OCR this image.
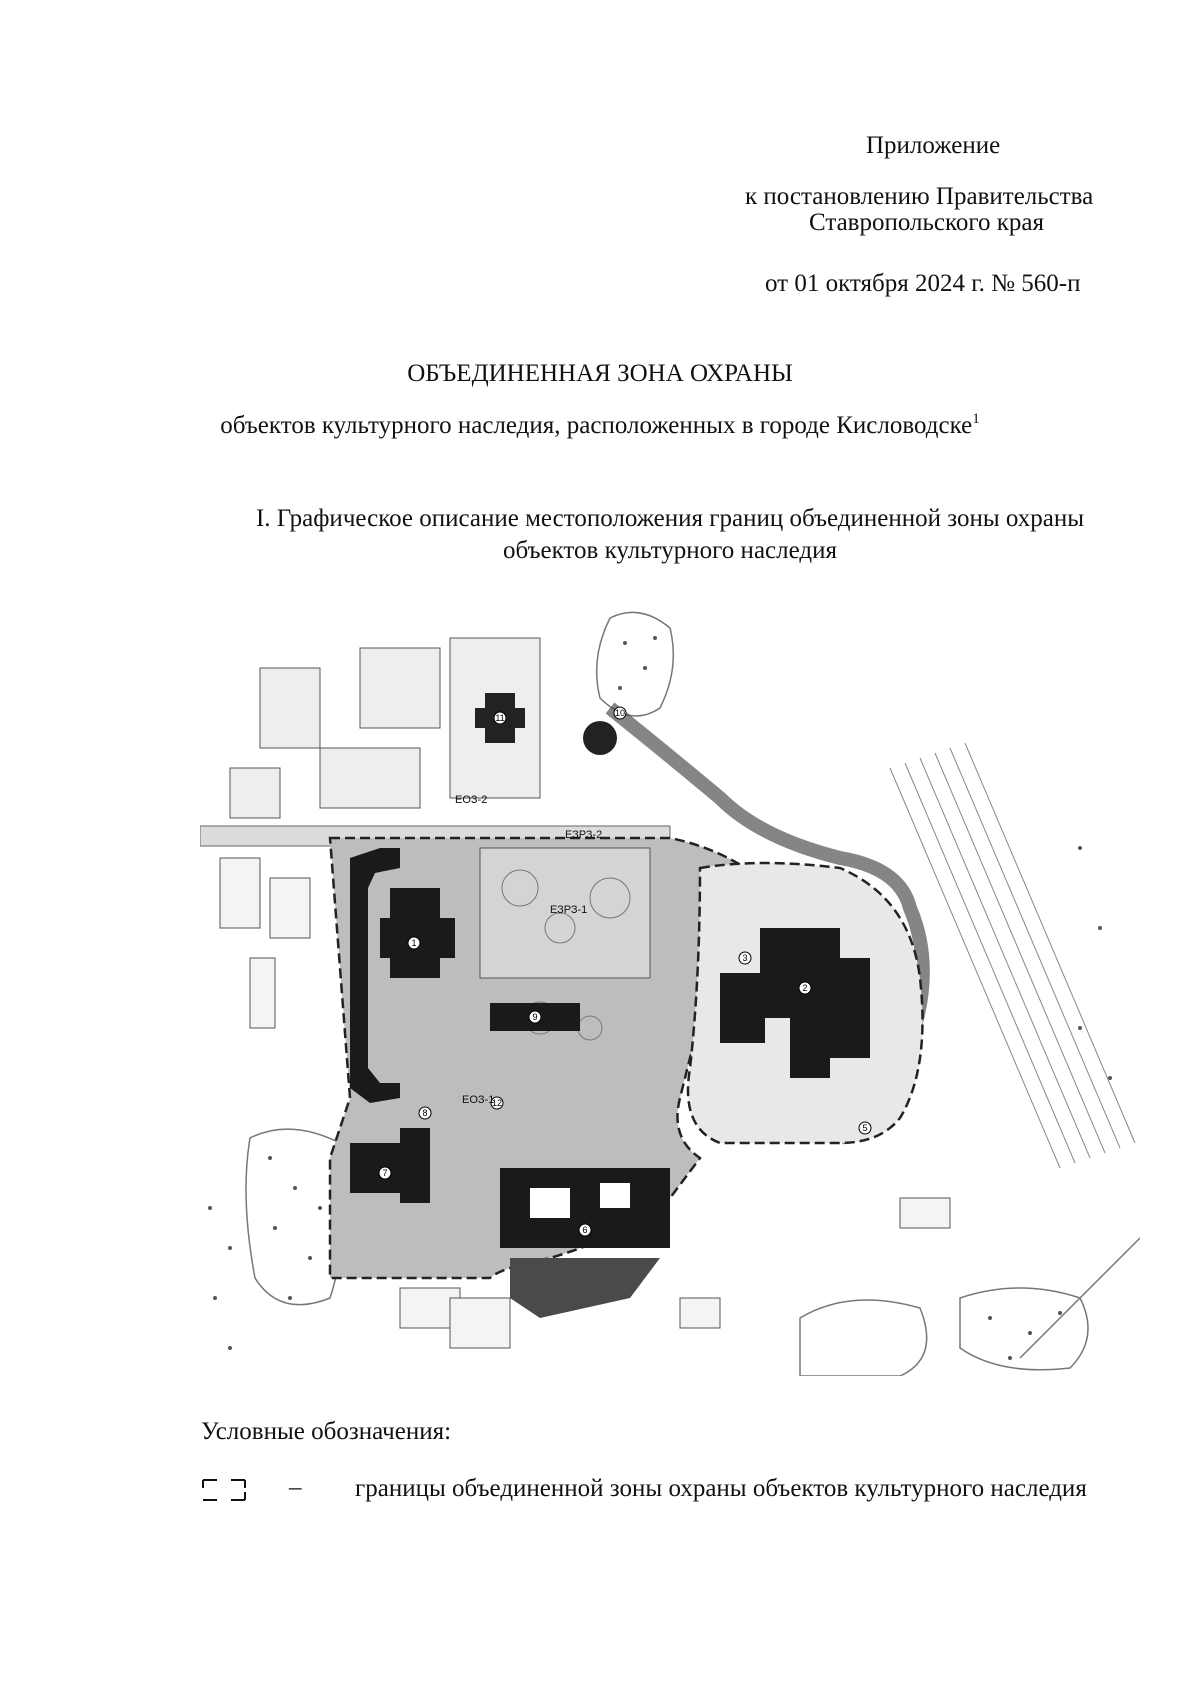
Приложение
к постановлению Правительства
Ставропольского края
от 01 октября 2024 г. № 560-п
ОБЪЕДИНЕННАЯ ЗОНА ОХРАНЫ
объектов культурного наследия, расположенных в городе Кисловодске$^1$
I. Графическое описание местоположения границ объединенной зоны охраны
объектов культурного наследия
1
2
3
5
6
7
8
9
10
11
12
ЕОЗ-2
ЕЗРЗ-2
ЕЗРЗ-1
ЕОЗ-1
Условные обозначения:
– границы объединенной зоны охраны объектов культурного наследия
